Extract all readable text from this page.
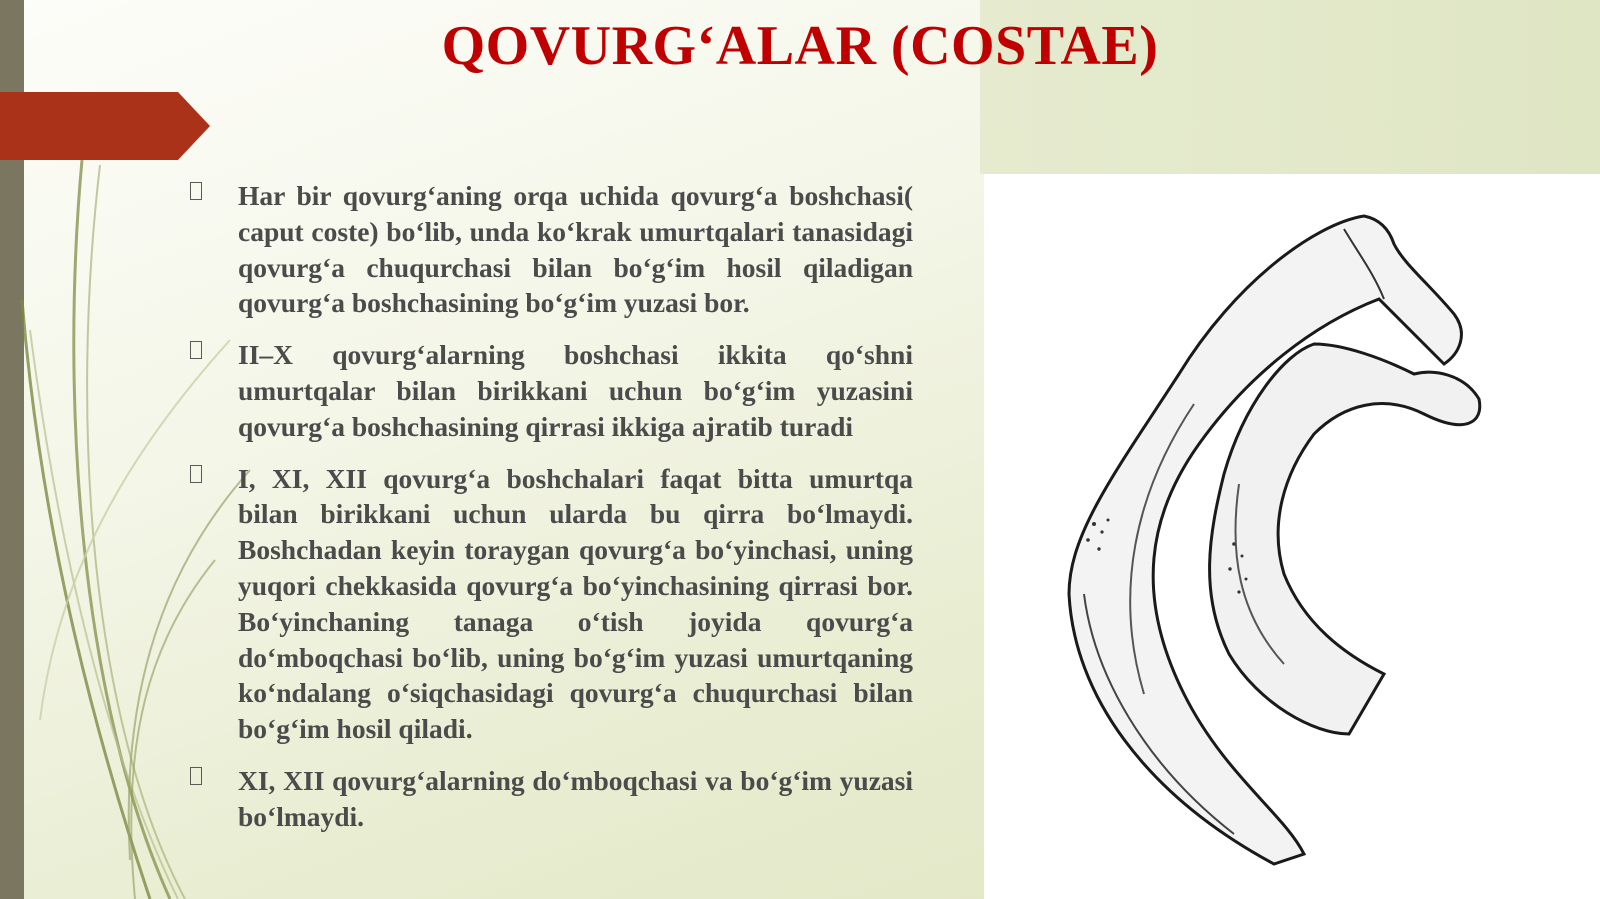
QOVURG‘ALAR (COSTAE)

Har bir qovurg‘aning orqa uchida qovurg‘a boshchasi( caput coste) bo‘lib, unda ko‘krak umurtqalari tanasidagi qovurg‘a chuqurchasi bilan bo‘g‘im hosil qiladigan qovurg‘a boshchasining bo‘g‘im yuzasi bor.

II–X qovurg‘alarning boshchasi ikkita qo‘shni umurtqalar bilan birikkani uchun bo‘g‘im yuzasini qovurg‘a boshchasining qirrasi ikkiga ajratib turadi

I, XI, XII qovurg‘a boshchalari faqat bitta umurtqa bilan birikkani uchun ularda bu qirra bo‘lmaydi. Boshchadan keyin toraygan qovurg‘a bo‘yinchasi, uning yuqori chekkasida qovurg‘a bo‘yinchasining qirrasi bor. Bo‘yinchaning tanaga o‘tish joyida qovurg‘a do‘mboqchasi bo‘lib, uning bo‘g‘im yuzasi umurtqaning ko‘ndalang o‘siqchasidagi qovurg‘a chuqurchasi bilan bo‘g‘im hosil qiladi.

XI, XII qovurg‘alarning do‘mboqchasi va bo‘g‘im yuzasi bo‘lmaydi.
